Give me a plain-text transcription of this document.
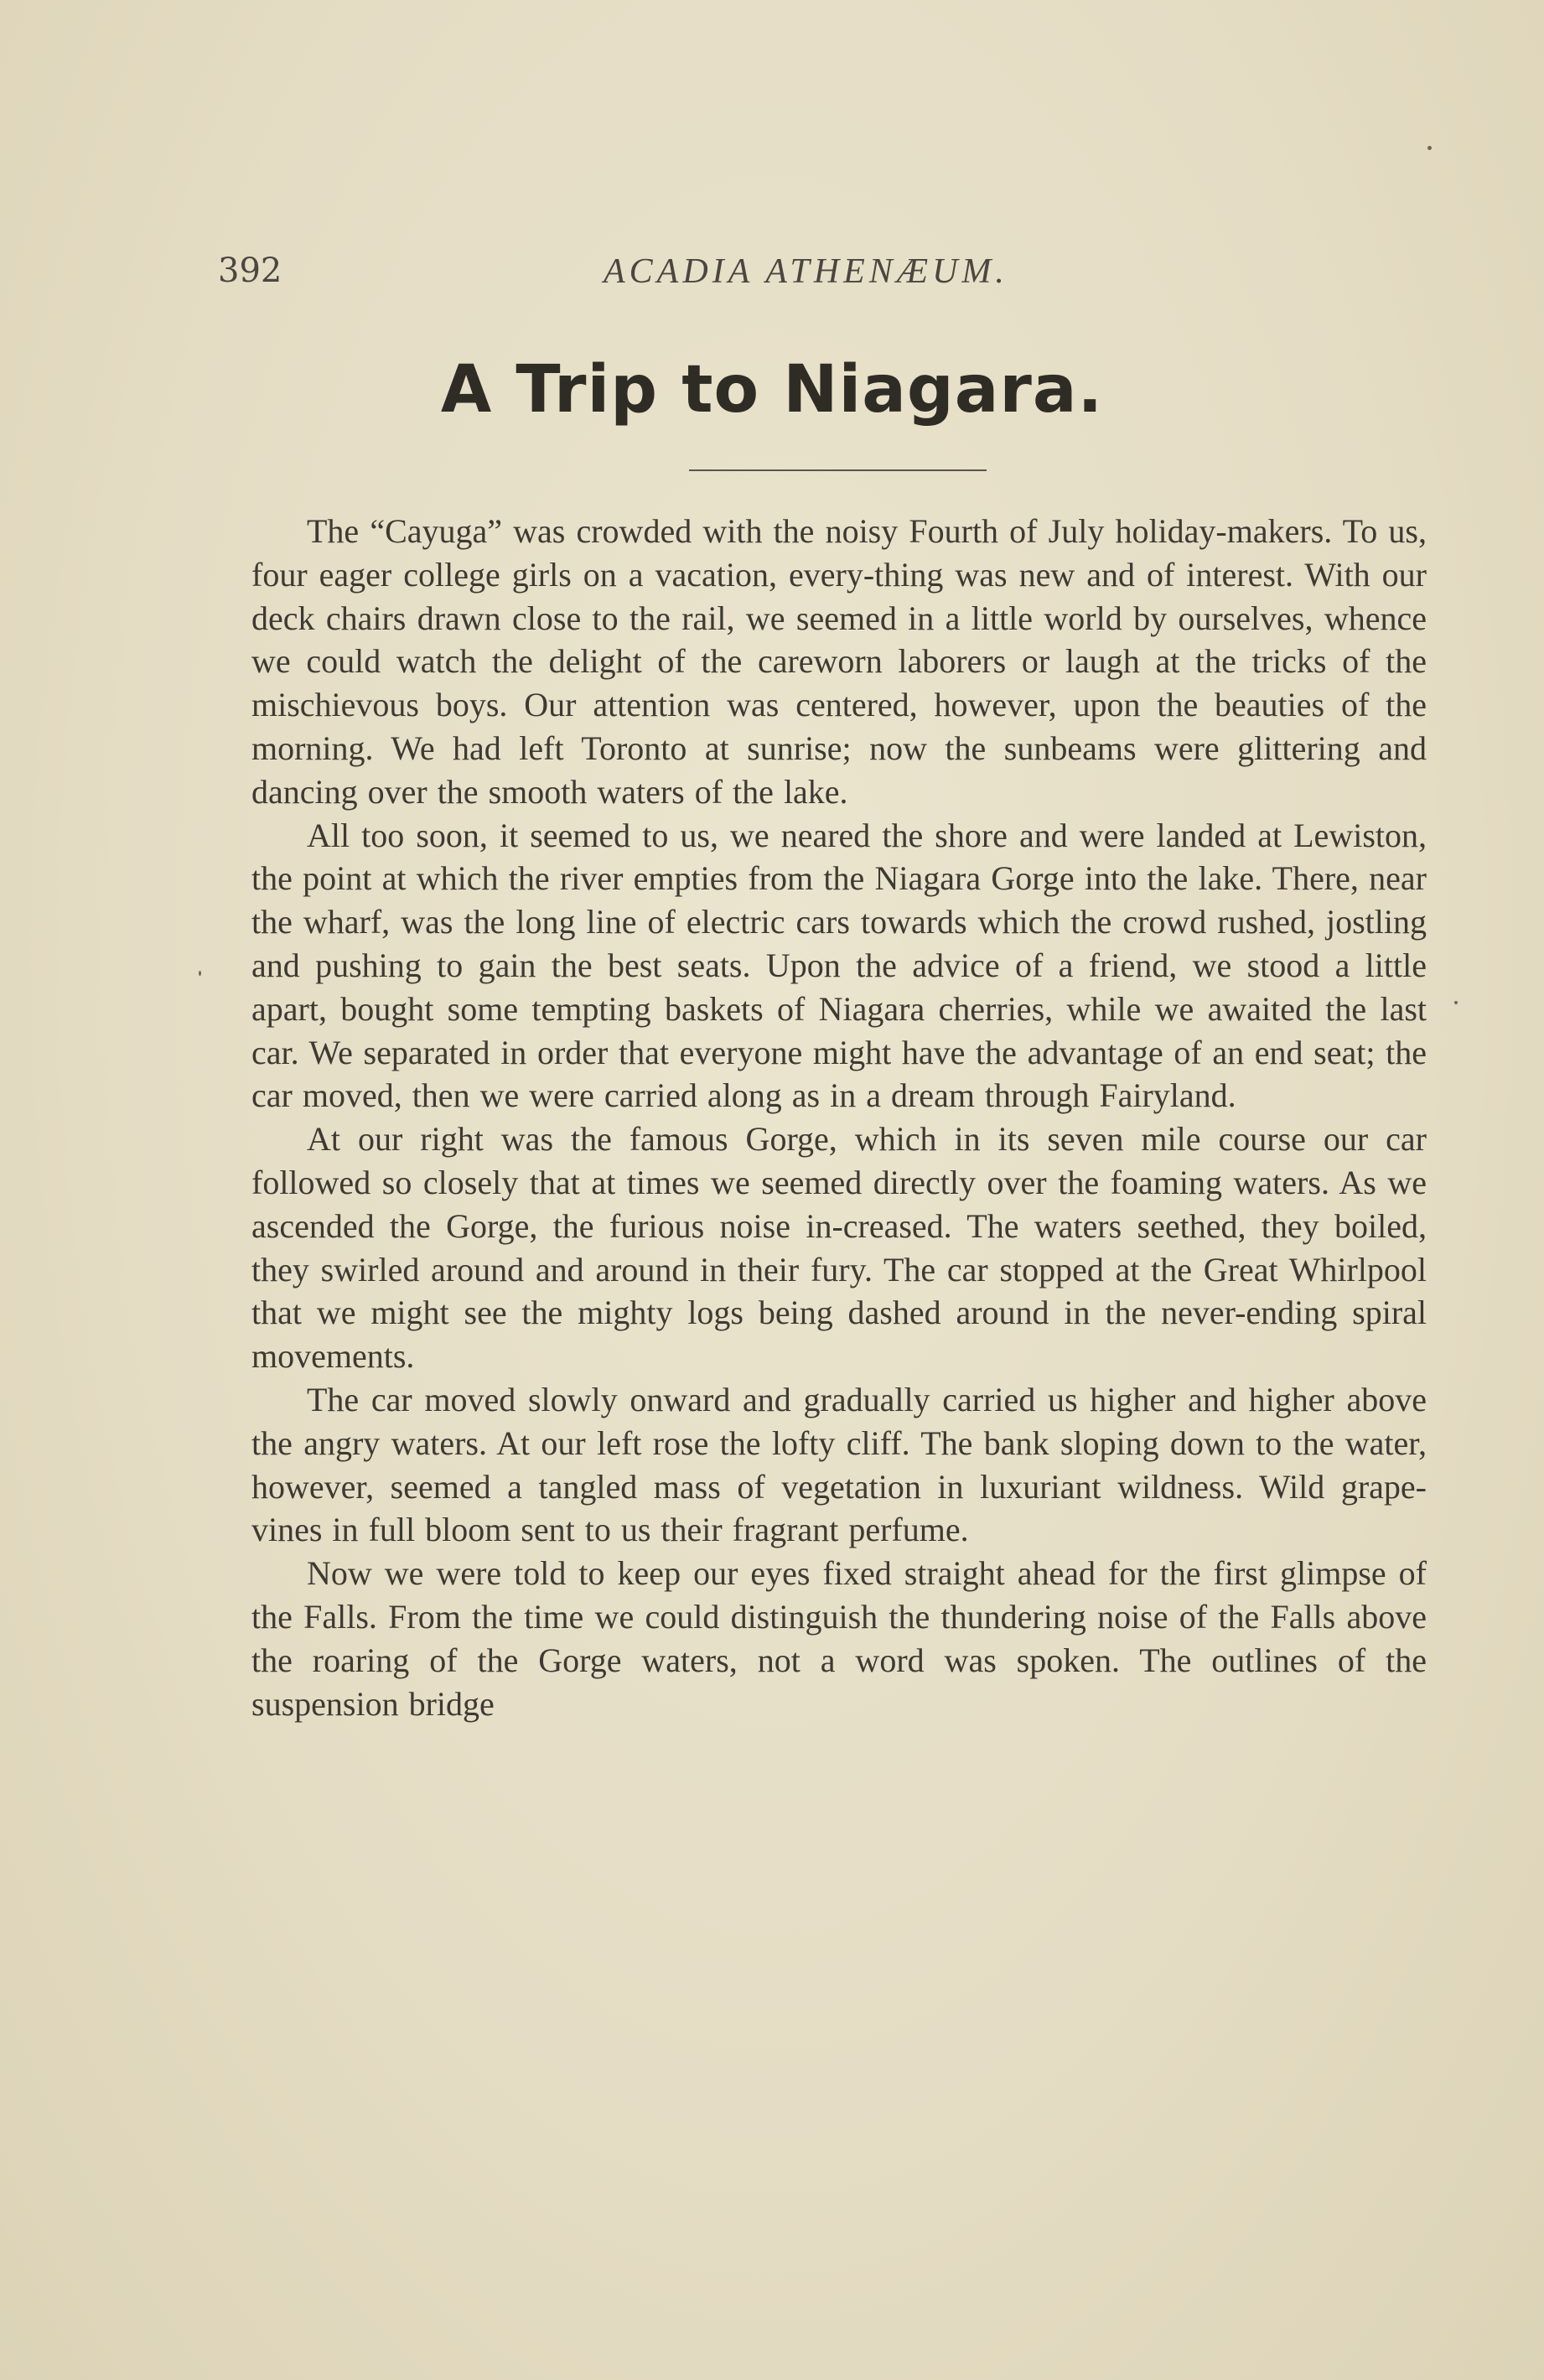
392	ACADIA ATHENÆUM.
A Trip to Niagara.

The “Cayuga” was crowded with the noisy Fourth of July holiday-makers. To us, four eager college girls on a vacation, every-thing was new and of interest. With our deck chairs drawn close to the rail, we seemed in a little world by ourselves, whence we could watch the delight of the careworn laborers or laugh at the tricks of the mischievous boys. Our attention was centered, however, upon the beauties of the morning. We had left Toronto at sunrise; now the sunbeams were glittering and dancing over the smooth waters of the lake.

All too soon, it seemed to us, we neared the shore and were landed at Lewiston, the point at which the river empties from the Niagara Gorge into the lake. There, near the wharf, was the long line of electric cars towards which the crowd rushed, jostling and pushing to gain the best seats. Upon the advice of a friend, we stood a little apart, bought some tempting baskets of Niagara cherries, while we awaited the last car. We separated in order that everyone might have the advantage of an end seat; the car moved, then we were carried along as in a dream through Fairyland.

At our right was the famous Gorge, which in its seven mile course our car followed so closely that at times we seemed directly over the foaming waters. As we ascended the Gorge, the furious noise in-creased. The waters seethed, they boiled, they swirled around and around in their fury. The car stopped at the Great Whirlpool that we might see the mighty logs being dashed around in the never-ending spiral movements.

The car moved slowly onward and gradually carried us higher and higher above the angry waters. At our left rose the lofty cliff. The bank sloping down to the water, however, seemed a tangled mass of vegetation in luxuriant wildness. Wild grape-vines in full bloom sent to us their fragrant perfume.

Now we were told to keep our eyes fixed straight ahead for the first glimpse of the Falls. From the time we could distinguish the thundering noise of the Falls above the roaring of the Gorge waters, not a word was spoken. The outlines of the suspension bridge
